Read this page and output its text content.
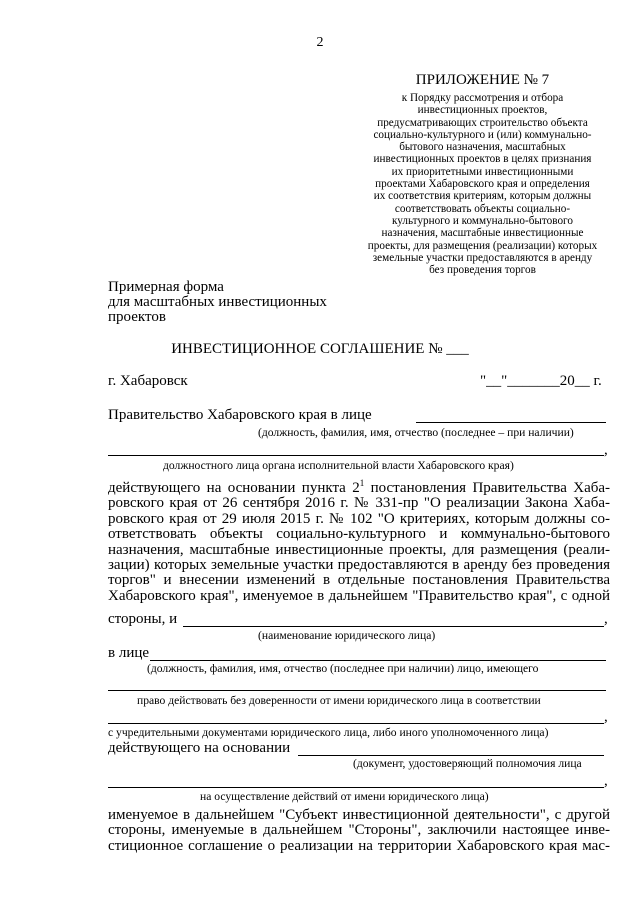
2
ПРИЛОЖЕНИЕ № 7
к Порядку рассмотрения и отбора
инвестиционных проектов,
предусматривающих строительство объекта
социально-культурного и (или) коммунально-
бытового назначения, масштабных
инвестиционных проектов в целях признания
их приоритетными инвестиционными
проектами Хабаровского края и определения
их соответствия критериям, которым должны
соответствовать объекты социально-
культурного и коммунально-бытового
назначения, масштабные инвестиционные
проекты, для размещения (реализации) которых
земельные участки предоставляются в аренду
без проведения торгов
Примерная форма
для масштабных инвестиционных
проектов
ИНВЕСТИЦИОННОЕ СОГЛАШЕНИЕ № ___
г. Хабаровск	"__"_______20__ г.
Правительство Хабаровского края в лице
(должность, фамилия, имя, отчество (последнее – при наличии)
,
должностного лица органа исполнительной власти Хабаровского края)
действующего на основании пункта $2^1$ постановления Правительства Хаба-
ровского края от 26 сентября 2016 г. № 331-пр "О реализации Закона Хаба-
ровского края от 29 июля 2015 г. № 102 "О критериях, которым должны со-
ответствовать объекты социально-культурного и коммунально-бытового
назначения, масштабные инвестиционные проекты, для размещения (реали-
зации) которых земельные участки предоставляются в аренду без проведения
торгов" и внесении изменений в отдельные постановления Правительства
Хабаровского края", именуемое в дальнейшем "Правительство края", с одной
стороны, и	,
(наименование юридического лица)
в лице
(должность, фамилия, имя, отчество (последнее при наличии) лицо, имеющего
право действовать без доверенности от имени юридического лица в соответствии
,
с учредительными документами юридического лица, либо иного уполномоченного лица)
действующего на основании
(документ, удостоверяющий полномочия лица
,
на осуществление действий от имени юридического лица)
именуемое в дальнейшем "Субъект инвестиционной деятельности", с другой
стороны, именуемые в дальнейшем "Стороны", заключили настоящее инве-
стиционное соглашение о реализации на территории Хабаровского края мас-
